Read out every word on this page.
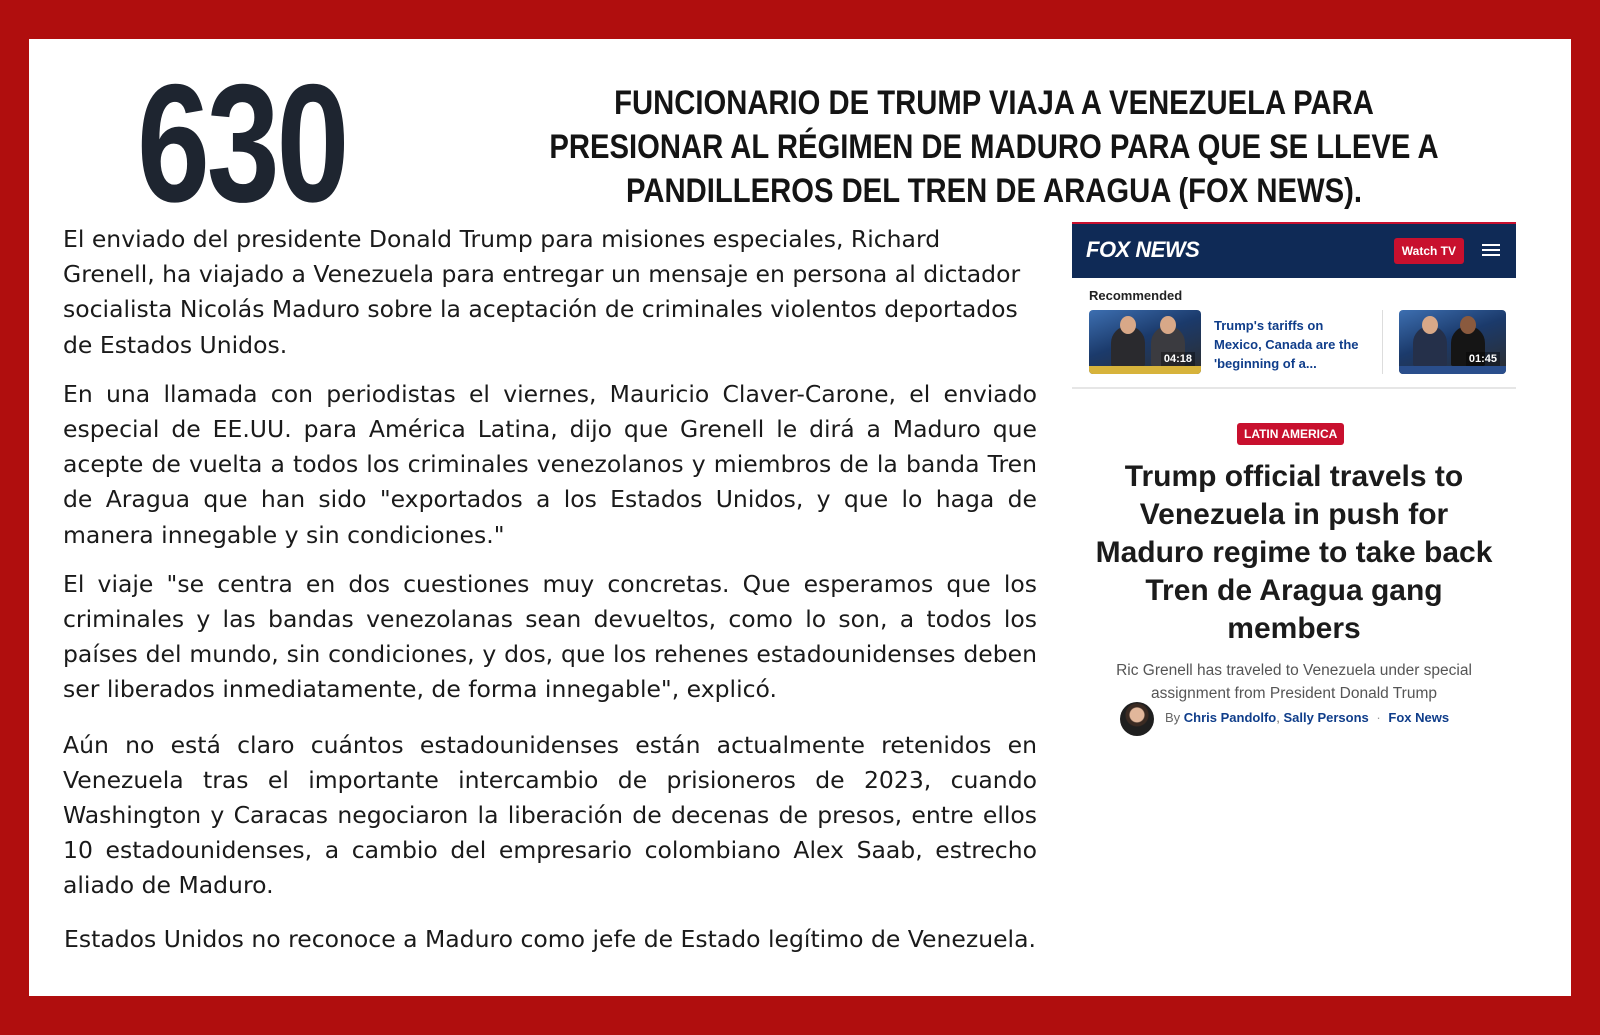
630	FUNCIONARIO DE TRUMP VIAJA A VENEZUELA PARA PRESIONAR AL RÉGIMEN DE MADURO PARA QUE SE LLEVE A PANDILLEROS DEL TREN DE ARAGUA (FOX NEWS).

El enviado del presidente Donald Trump para misiones especiales, Richard Grenell, ha viajado a Venezuela para entregar un mensaje en persona al dictador socialista Nicolás Maduro sobre la aceptación de criminales violentos deportados de Estados Unidos.

En una llamada con periodistas el viernes, Mauricio Claver-Carone, el enviado especial de EE.UU. para América Latina, dijo que Grenell le dirá a Maduro que acepte de vuelta a todos los criminales venezolanos y miembros de la banda Tren de Aragua que han sido "exportados a los Estados Unidos, y que lo haga de manera innegable y sin condiciones."

El viaje "se centra en dos cuestiones muy concretas. Que esperamos que los criminales y las bandas venezolanas sean devueltos, como lo son, a todos los países del mundo, sin condiciones, y dos, que los rehenes estadounidenses deben ser liberados inmediatamente, de forma innegable", explicó.

Aún no está claro cuántos estadounidenses están actualmente retenidos en Venezuela tras el importante intercambio de prisioneros de 2023, cuando Washington y Caracas negociaron la liberación de decenas de presos, entre ellos 10 estadounidenses, a cambio del empresario colombiano Alex Saab, estrecho aliado de Maduro.

Estados Unidos no reconoce a Maduro como jefe de Estado legítimo de Venezuela.

FOX NEWS	Watch TV
Recommended
04:18
Trump's tariffs on Mexico, Canada are the 'beginning of a...	01:45
LATIN AMERICA
Trump official travels to Venezuela in push for Maduro regime to take back Tren de Aragua gang members
Ric Grenell has traveled to Venezuela under special assignment from President Donald Trump
By Chris Pandolfo, Sally Persons · Fox News
